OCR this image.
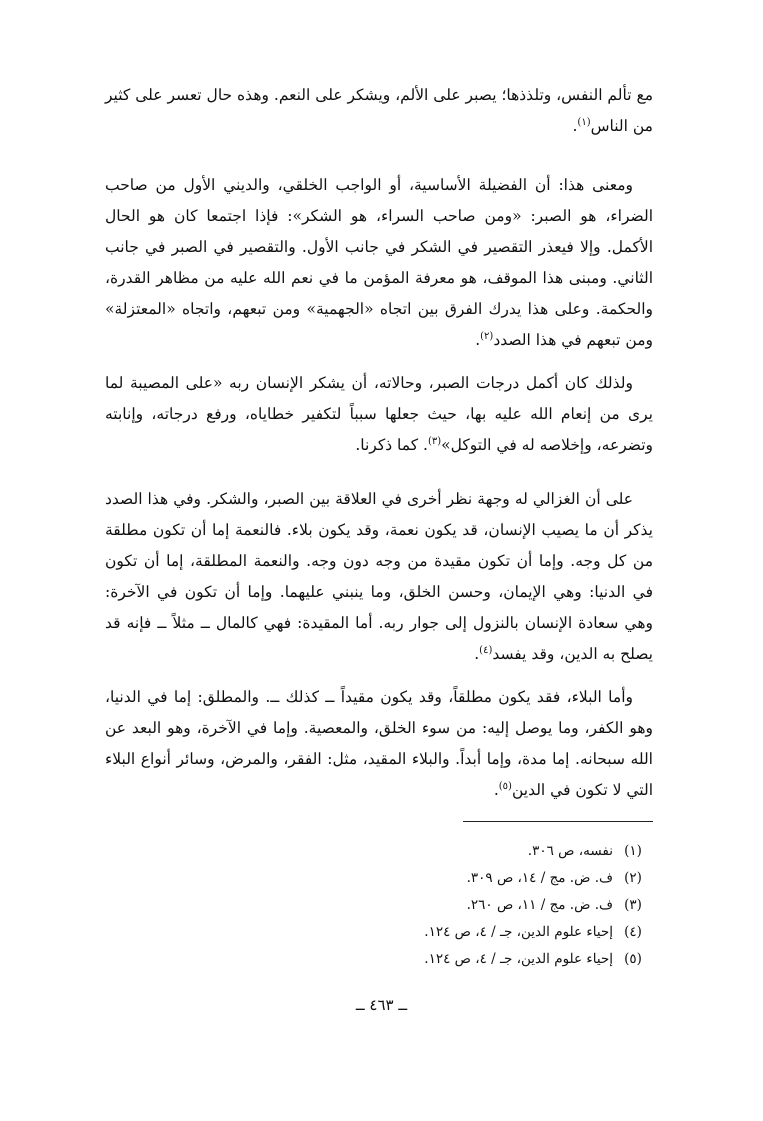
مع تألم النفس، وتلذذها؛ يصبر على الألم، ويشكر على النعم. وهذه حال تعسر على كثير من الناس$^{(١)}$.

ومعنى هذا: أن الفضيلة الأساسية، أو الواجب الخلقي، والديني الأول من صاحب الضراء، هو الصبر: «ومن صاحب السراء، هو الشكر»: فإذا اجتمعا كان هو الحال الأكمل. وإلا فيعذر التقصير في الشكر في جانب الأول. والتقصير في الصبر في جانب الثاني. ومبنى هذا الموقف، هو معرفة المؤمن ما في نعم الله عليه من مظاهر القدرة، والحكمة. وعلى هذا يدرك الفرق بين اتجاه «الجهمية» ومن تبعهم، واتجاه «المعتزلة» ومن تبعهم في هذا الصدد$^{(٢)}$.

ولذلك كان أكمل درجات الصبر، وحالاته، أن يشكر الإنسان ربه «على المصيبة لما يرى من إنعام الله عليه بها، حيث جعلها سبباً لتكفير خطاياه، ورفع درجاته، وإنابته وتضرعه، وإخلاصه له في التوكل»$^{(٣)}$. كما ذكرنا.

على أن الغزالي له وجهة نظر أخرى في العلاقة بين الصبر، والشكر. وفي هذا الصدد يذكر أن ما يصيب الإنسان، قد يكون نعمة، وقد يكون بلاء. فالنعمة إما أن تكون مطلقة من كل وجه. وإما أن تكون مقيدة من وجه دون وجه. والنعمة المطلقة، إما أن تكون في الدنيا: وهي الإيمان، وحسن الخلق، وما ينبني عليهما. وإما أن تكون في الآخرة: وهي سعادة الإنسان بالنزول إلى جوار ربه. أما المقيدة: فهي كالمال ــ مثلاً ــ فإنه قد يصلح به الدين، وقد يفسد$^{(٤)}$.

وأما البلاء، فقد يكون مطلقاً، وقد يكون مقيداً ــ كذلك ــ. والمطلق: إما في الدنيا، وهو الكفر، وما يوصل إليه: من سوء الخلق، والمعصية. وإما في الآخرة، وهو البعد عن الله سبحانه. إما مدة، وإما أبداً. والبلاء المقيد، مثل: الفقر، والمرض، وسائر أنواع البلاء التي لا تكون في الدين$^{(٥)}$.

(١)
نفسه، ص ٣٠٦.
(٢)
ف. ض. مج / ١٤، ص ٣٠٩.
(٣)
ف. ض. مج / ١١، ص ٢٦٠.
(٤)
إحياء علوم الدين، جـ / ٤، ص ١٢٤.
(٥)
إحياء علوم الدين، جـ / ٤، ص ١٢٤.
ــ ٤٦٣ ــ
